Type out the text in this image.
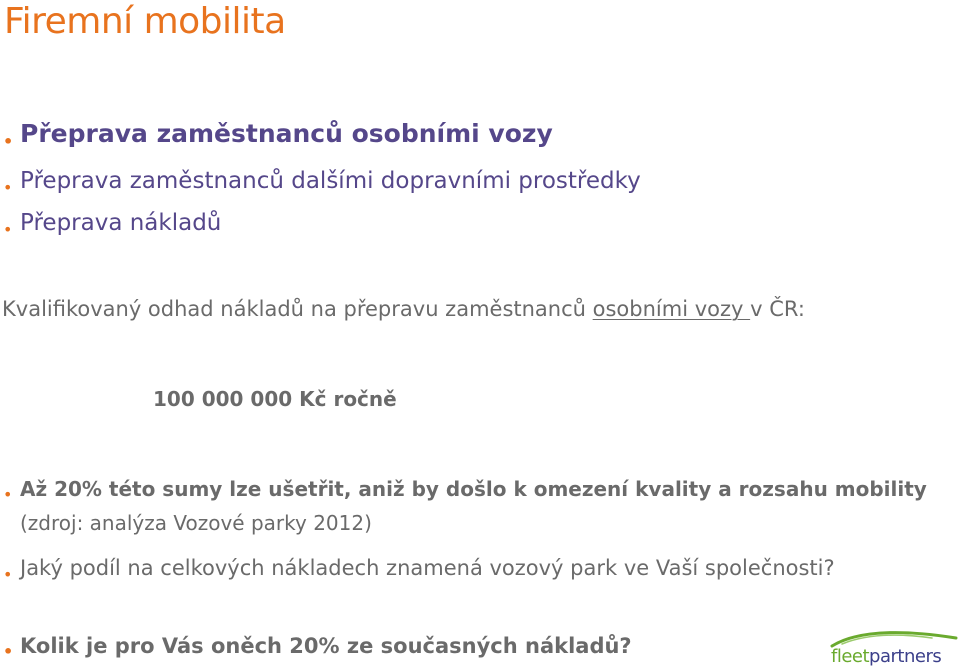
Firemní mobilita
• Přeprava zaměstnanců osobními vozy
• Přeprava zaměstnanců dalšími dopravními prostředky
• Přeprava nákladů
Kvalifikovaný odhad nákladů na přepravu zaměstnanců osobními vozy v ČR:
100 000 000 Kč ročně
• Až 20% této sumy lze ušetřit, aniž by došlo k omezení kvality a rozsahu mobility (zdroj: analýza Vozové parky 2012)
• Jaký podíl na celkových nákladech znamená vozový park ve Vaší společnosti?
• Kolik je pro Vás oněch 20% ze současných nákladů?	fleetpartners
